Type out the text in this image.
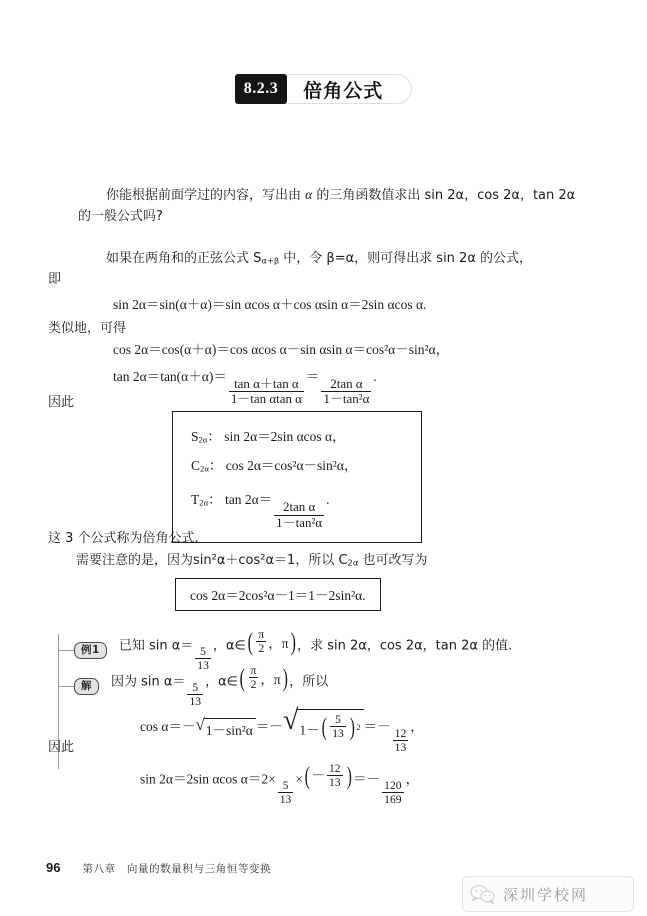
8.2.3	倍角公式
你能根据前面学过的内容，写出由 α 的三角函数值求出 sin 2α，cos 2α，tan 2α
的一般公式吗?
如果在两角和的正弦公式 $S_{\alpha+\beta}$ 中，令 β=α，则可得出求 sin 2α 的公式，
即
sin 2α＝sin(α＋α)＝sin αcos α＋cos αsin α＝2sin αcos α.
类似地，可得
cos 2α＝cos(α＋α)＝cos αcos α－sin αsin α＝cos²α－sin²α，
tan 2α＝tan(α＋α)＝
$\frac{\text{tan α＋tan α}}{\text{1－tan αtan α}}$
＝
$\frac{\text{2tan α}}{\text{1－tan²α}}$
.
因此
$S_{2\alpha}$： sin 2α＝2sin αcos α，
$C_{2\alpha}$： cos 2α＝cos²α－sin²α，
$T_{2\alpha}$： tan 2α＝
$\frac{\text{2tan α}}{\text{1－tan²α}}$
.
这 3 个公式称为倍角公式.
需要注意的是，因为sin²α＋cos²α＝1，所以 $C_{2\alpha}$ 也可改写为
cos 2α＝2cos²α－1＝1－2sin²α.
例1	已知 $\sin \alpha= \frac{5}{13}$ ，α∈ ( $\frac{\pi}{2}$ ，π ) ，求 sin 2α，cos 2α，tan 2α 的值.
解	因为 $\sin \alpha= \frac{5}{13}$ ，α∈ ( $\frac{\pi}{2}$ ，π ) ，所以
cos α＝－ √ 1－sin²α ＝－ √ 1－ ( $\frac{5}{13}$ ) $^2$ ＝－
$\frac{12}{13}$
，
因此
sin 2α＝2sin αcos α＝2×
$\frac{5}{13}$
× ( － $\frac{12}{13}$ ) ＝－
$\frac{120}{169}$
，
96 第八章　向量的数量积与三角恒等变换
深圳学校网
